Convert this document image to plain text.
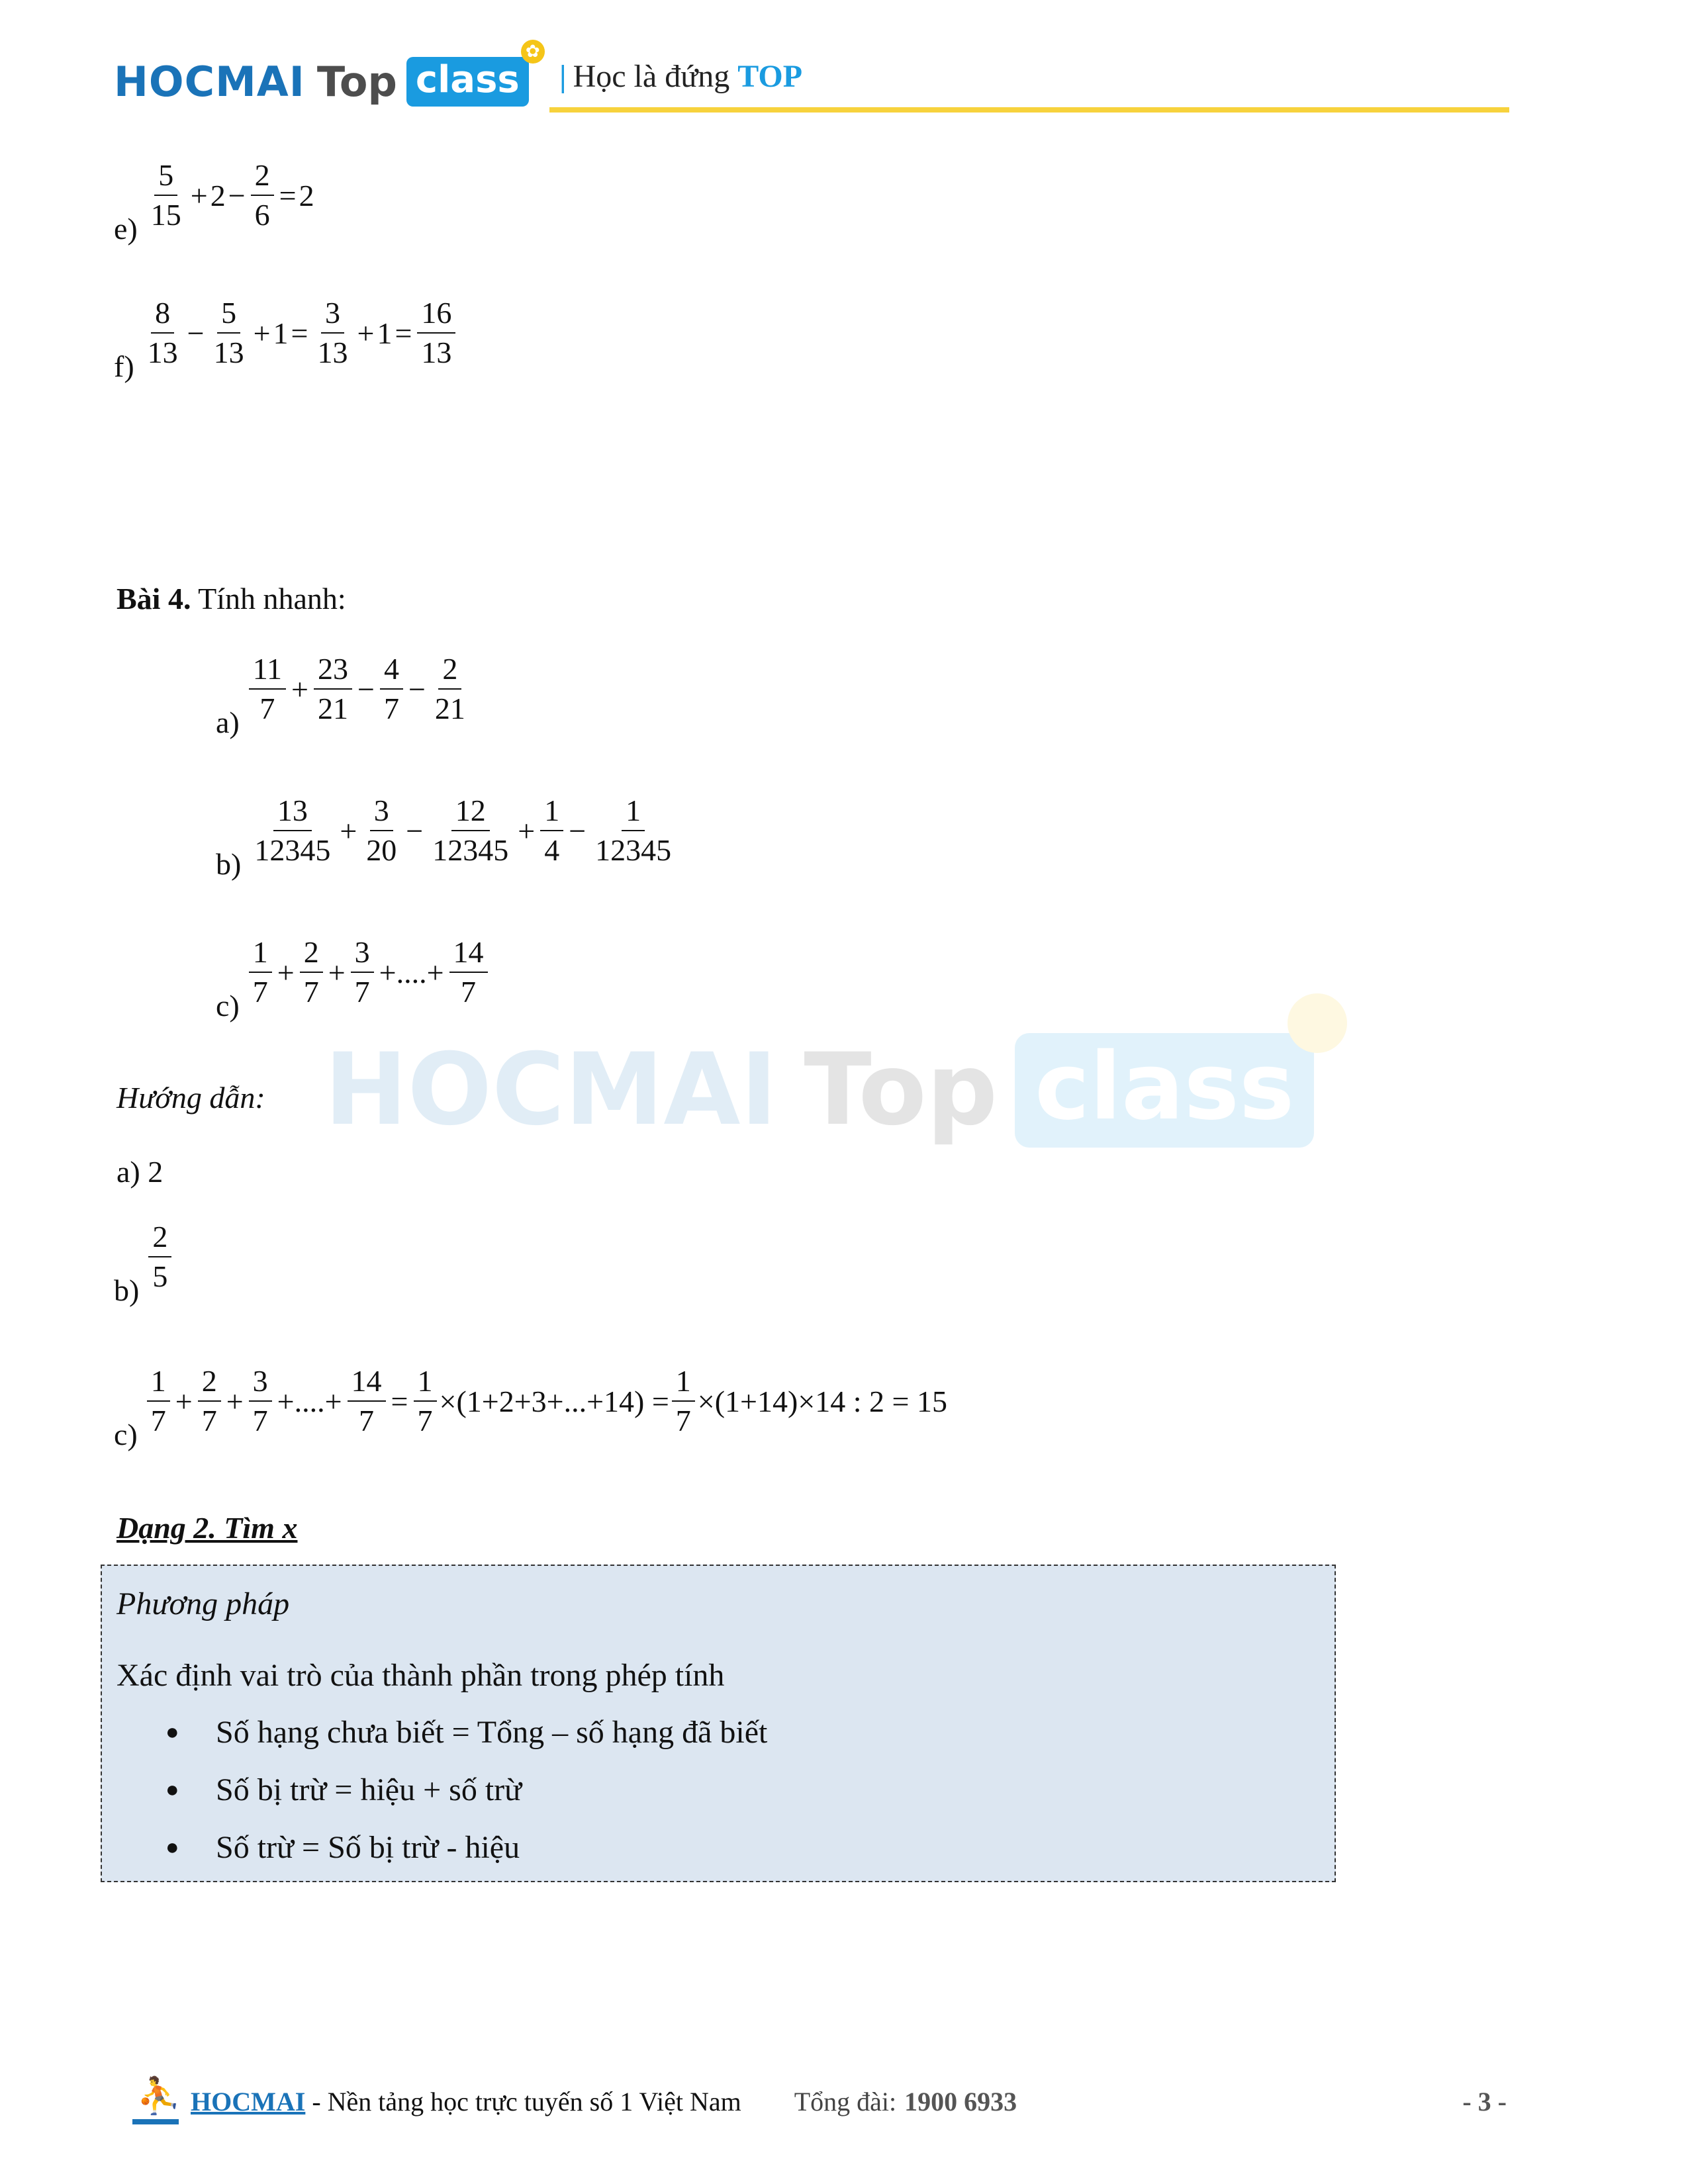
HOCMAI Top class
✿
| Học là đứng TOP
$e) \frac{5}{15} + 2 - \frac{2}{6} = 2$
$f) \frac{8}{13} - \frac{5}{13} + 1 = \frac{3}{13} + 1 = \frac{16}{13}$
Bài 4. Tính nhanh:
$a) \frac{11}{7} + \frac{23}{21} - \frac{4}{7} - \frac{2}{21}$
$b) \frac{13}{12345} + \frac{3}{20} - \frac{12}{12345} + \frac{1}{4} - \frac{1}{12345}$
$c) \frac{1}{7} + \frac{2}{7} + \frac{3}{7}$ +....+ $\frac{14}{7}$
HOCMAI Top class
Hướng dẫn:
a) 2
$b) \frac{2}{5}$
$c) \frac{1}{7} + \frac{2}{7} + \frac{3}{7}$ +....+ $\frac{14}{7} = \frac{1}{7} \times(1+2+3+...+14) = \frac{1}{7} \times(1+14)\times 14$ : 2 = 15
Dạng 2. Tìm x
Phương pháp
Xác định vai trò của thành phần trong phép tính
● Số hạng chưa biết = Tổng – số hạng đã biết
● Số bị trừ = hiệu + số trừ
● Số trừ = Số bị trừ - hiệu
⛹ HOCMAI - Nền tảng học trực tuyến số 1 Việt Nam Tổng đài: 1900 6933	- 3 -
